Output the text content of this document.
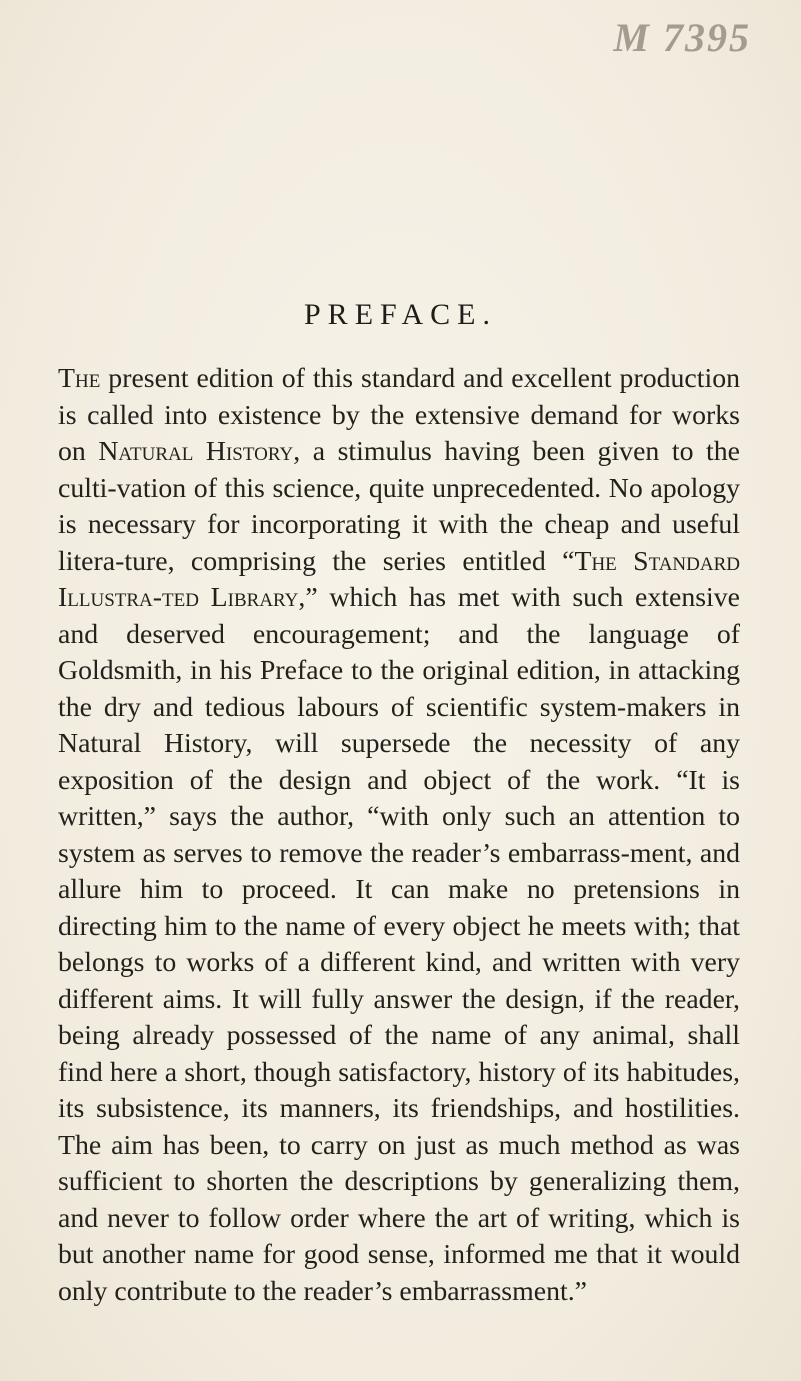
M 7395
PREFACE.

The present edition of this standard and excellent production is called into existence by the extensive demand for works on Natural History, a stimulus having been given to the culti-vation of this science, quite unprecedented. No apology is necessary for incorporating it with the cheap and useful litera-ture, comprising the series entitled “The Standard Illustra-ted Library,” which has met with such extensive and deserved encouragement; and the language of Goldsmith, in his Preface to the original edition, in attacking the dry and tedious labours of scientific system-makers in Natural History, will supersede the necessity of any exposition of the design and object of the work. “It is written,” says the author, “with only such an attention to system as serves to remove the reader’s embarrass-ment, and allure him to proceed. It can make no pretensions in directing him to the name of every object he meets with; that belongs to works of a different kind, and written with very different aims. It will fully answer the design, if the reader, being already possessed of the name of any animal, shall find here a short, though satisfactory, history of its habitudes, its subsistence, its manners, its friendships, and hostilities. The aim has been, to carry on just as much method as was sufficient to shorten the descriptions by generalizing them, and never to follow order where the art of writing, which is but another name for good sense, informed me that it would only contribute to the reader’s embarrassment.”
